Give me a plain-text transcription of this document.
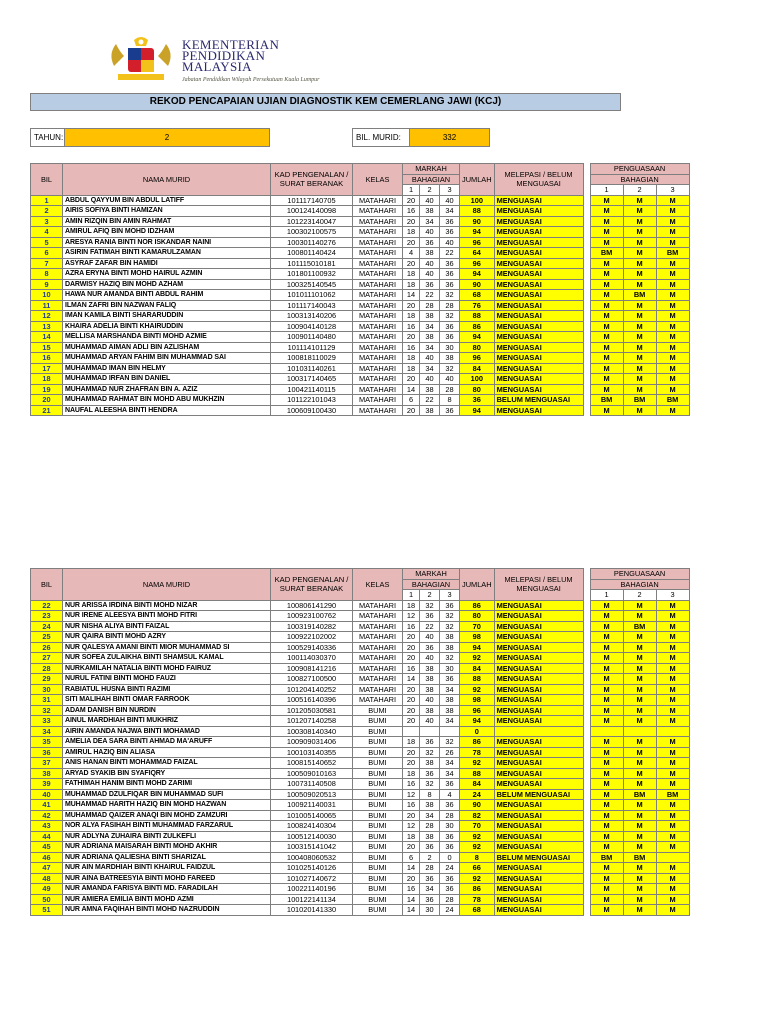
KEMENTERIAN
PENDIDIKAN
MALAYSIA
Jabatan Pendidikan Wilayah Persekutuan Kuala Lumpur
REKOD PENCAPAIAN UJIAN DIAGNOSTIK KEM CEMERLANG JAWI (KCJ)
TAHUN:	2	BIL. MURID:	332
BIL	NAMA MURID	KAD PENGENALAN / SURAT BERANAK	KELAS	MARKAH			JUMLAH	MELEPASI / BELUM MENGUASAI		PENGUASAAN		
				BAHAGIAN						BAHAGIAN		
				1	2	3				1	2	3
1	ABDUL QAYYUM BIN ABDUL LATIFF	101117140705	MATAHARI	20	40	40	100	MENGUASAI		M	M	M
2	AIRIS SOFIYA BINTI HAMIZAN	100124140098	MATAHARI	16	38	34	88	MENGUASAI		M	M	M
3	AMIN RIZQIN BIN AMIN RAHMAT	101223140047	MATAHARI	20	34	36	90	MENGUASAI		M	M	M
4	AMIRUL AFIQ BIN MOHD IDZHAM	100302100575	MATAHARI	18	40	36	94	MENGUASAI		M	M	M
5	ARESYA RANIA BINTI NOR ISKANDAR NAINI	100301140276	MATAHARI	20	36	40	96	MENGUASAI		M	M	M
6	ASIRIN FATIMAH BINTI KAMARULZAMAN	100801140424	MATAHARI	4	38	22	64	MENGUASAI		BM	M	BM
7	ASYRAF ZAFAR BIN HAMIDI	101115010181	MATAHARI	20	40	36	96	MENGUASAI		M	M	M
8	AZRA ERYNA BINTI MOHD HAIRUL AZMIN	101801100932	MATAHARI	18	40	36	94	MENGUASAI		M	M	M
9	DARWISY HAZIQ BIN MOHD AZHAM	100325140545	MATAHARI	18	36	36	90	MENGUASAI		M	M	M
10	HAWA NUR AMANDA BINTI ABDUL RAHIM	101011101062	MATAHARI	14	22	32	68	MENGUASAI		M	BM	M
11	ILMAN ZAFRI BIN NAZWAN FALIQ	101117140043	MATAHARI	20	28	28	76	MENGUASAI		M	M	M
12	IMAN KAMILA BINTI SHARARUDDIN	100313140206	MATAHARI	18	38	32	88	MENGUASAI		M	M	M
13	KHAIRA ADELIA BINTI KHAIRUDDIN	100904140128	MATAHARI	16	34	36	86	MENGUASAI		M	M	M
14	MELLISA MARSHANDA BINTI MOHD AZMIE	100901140480	MATAHARI	20	38	36	94	MENGUASAI		M	M	M
15	MUHAMMAD AIMAN ADLI BIN AZLISHAM	101114101129	MATAHARI	16	34	30	80	MENGUASAI		M	M	M
16	MUHAMMAD ARYAN FAHIM BIN MUHAMMAD SAI	100818110029	MATAHARI	18	40	38	96	MENGUASAI		M	M	M
17	MUHAMMAD IMAN BIN HELMY	101031140261	MATAHARI	18	34	32	84	MENGUASAI		M	M	M
18	MUHAMMAD IRFAN BIN DANIEL	100317140465	MATAHARI	20	40	40	100	MENGUASAI		M	M	M
19	MUHAMMAD NUR ZHAFRAN BIN A. AZIZ	100421140115	MATAHARI	14	38	28	80	MENGUASAI		M	M	M
20	MUHAMMAD RAHMAT BIN MOHD ABU MUKHZIN	101122101043	MATAHARI	6	22	8	36	BELUM MENGUASAI		BM	BM	BM
21	NAUFAL ALEESHA BINTI HENDRA	100609100430	MATAHARI	20	38	36	94	MENGUASAI		M	M	M
BIL	NAMA MURID	KAD PENGENALAN / SURAT BERANAK	KELAS	MARKAH			JUMLAH	MELEPASI / BELUM MENGUASAI		PENGUASAAN		
				BAHAGIAN						BAHAGIAN		
				1	2	3				1	2	3
22	NUR ARISSA IRDINA BINTI MOHD NIZAR	100806141290	MATAHARI	18	32	36	86	MENGUASAI		M	M	M
23	NUR IRENE ALEESYA BINTI MOHD FITRI	100923100762	MATAHARI	12	36	32	80	MENGUASAI		M	M	M
24	NUR NISHA ALIYA BINTI FAIZAL	100319140282	MATAHARI	16	22	32	70	MENGUASAI		M	BM	M
25	NUR QAIRA BINTI MOHD AZRY	100922102002	MATAHARI	20	40	38	98	MENGUASAI		M	M	M
26	NUR QALESYA AMANI BINTI MIOR MUHAMMAD SI	100529140336	MATAHARI	20	36	38	94	MENGUASAI		M	M	M
27	NUR SOFEA ZULAIKHA BINTI SHAMSUL KAMAL	100114030370	MATAHARI	20	40	32	92	MENGUASAI		M	M	M
28	NURKAMILAH NATALIA BINTI MOHD FAIRUZ	100908141216	MATAHARI	16	38	30	84	MENGUASAI		M	M	M
29	NURUL FATINI BINTI MOHD FAUZI	100827100500	MATAHARI	14	38	36	88	MENGUASAI		M	M	M
30	RABIATUL HUSNA BINTI RAZIMI	101204140252	MATAHARI	20	38	34	92	MENGUASAI		M	M	M
31	SITI MALIHAH BINTI OMAR FARROOK	100516140396	MATAHARI	20	40	38	98	MENGUASAI		M	M	M
32	ADAM DANISH BIN NURDIN	101205030581	BUMI	20	38	38	96	MENGUASAI		M	M	M
33	AINUL MARDHIAH BINTI MUKHRIZ	101207140258	BUMI	20	40	34	94	MENGUASAI		M	M	M
34	AIRIN AMANDA NAJWA BINTI MOHAMAD	100308140340	BUMI				0					
35	AMELIA DEA SARA BINTI AHMAD MA'ARUFF	100909031406	BUMI	18	36	32	86	MENGUASAI		M	M	M
36	AMIRUL HAZIQ BIN ALIASA	100103140355	BUMI	20	32	26	78	MENGUASAI		M	M	M
37	ANIS HANAN BINTI MOHAMMAD FAIZAL	100815140652	BUMI	20	38	34	92	MENGUASAI		M	M	M
38	ARYAD SYAKIB BIN SYAFIQRY	100509010163	BUMI	18	36	34	88	MENGUASAI		M	M	M
39	FATHIMAH HANIM BINTI MOHD ZARIMI	100731140508	BUMI	16	32	36	84	MENGUASAI		M	M	M
40	MUHAMMAD DZULFIQAR BIN MUHAMMAD SUFI	100509020513	BUMI	12	8	4	24	BELUM MENGUASAI		M	BM	BM
41	MUHAMMAD HARITH HAZIQ BIN MOHD HAZWAN	100921140031	BUMI	16	38	36	90	MENGUASAI		M	M	M
42	MUHAMMAD QAIZER ANAQI BIN MOHD ZAMZURI	101005140065	BUMI	20	34	28	82	MENGUASAI		M	M	M
43	NOR ALYA FASIHAH BINTI MUHAMMAD FARZARUL	100824140304	BUMI	12	28	30	70	MENGUASAI		M	M	M
44	NUR ADLYNA ZUHAIRA BINTI ZULKEFLI	100512140030	BUMI	18	38	36	92	MENGUASAI		M	M	M
45	NUR ADRIANA MAISARAH BINTI MOHD AKHIR	100315141042	BUMI	20	36	36	92	MENGUASAI		M	M	M
46	NUR ADRIANA QALIESHA BINTI SHARIZAL	100408060532	BUMI	6	2	0	8	BELUM MENGUASAI		BM	BM	
47	NUR AIN MARDHIAH BINTI KHAIRUL FAIDZUL	101025140126	BUMI	14	28	24	66	MENGUASAI		M	M	M
48	NUR AINA BATREESYIA BINTI MOHD FAREED	101027140672	BUMI	20	36	36	92	MENGUASAI		M	M	M
49	NUR AMANDA FARISYA BINTI MD. FARADILAH	100221140196	BUMI	16	34	36	86	MENGUASAI		M	M	M
50	NUR AMIERA EMILIA BINTI MOHD AZMI	100122141134	BUMI	14	36	28	78	MENGUASAI		M	M	M
51	NUR AMNA FAQIHAH BINTI MOHD NAZRUDDIN	101020141330	BUMI	14	30	24	68	MENGUASAI		M	M	M
